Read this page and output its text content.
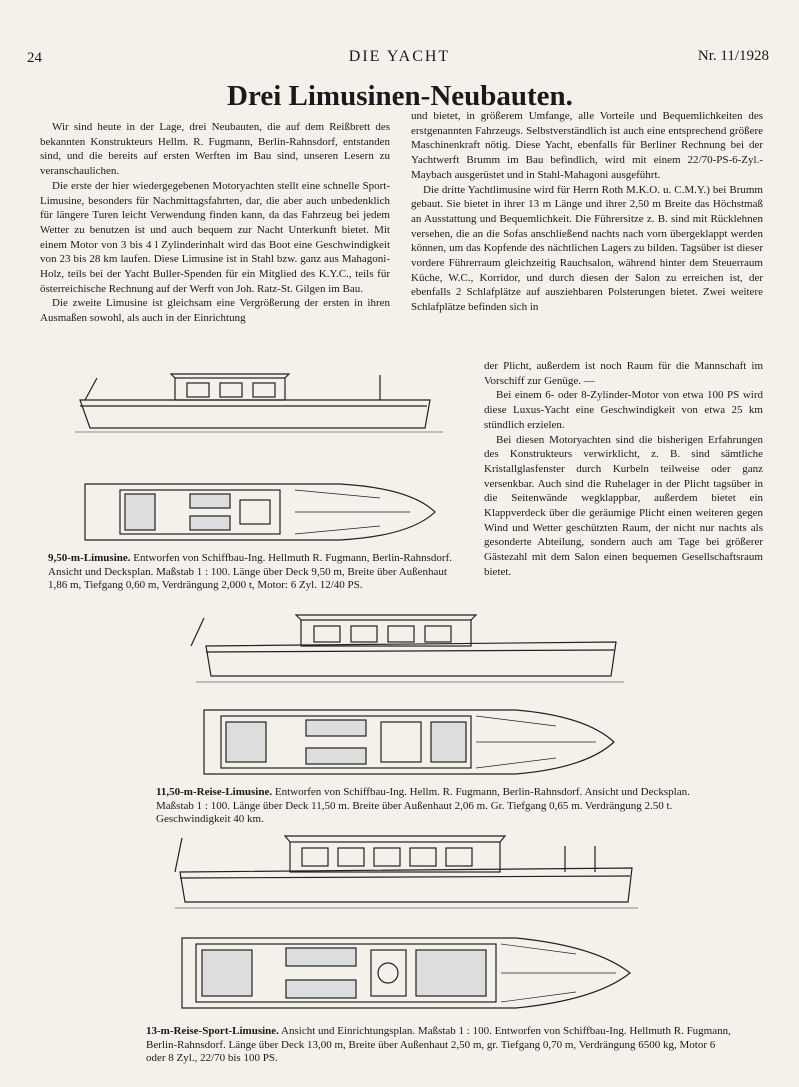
24	DIE YACHT	Nr. 11/1928
Drei Limusinen-Neubauten.

Wir sind heute in der Lage, drei Neubauten, die auf dem Reißbrett des bekannten Konstrukteurs Hellm. R. Fugmann, Berlin-Rahnsdorf, entstanden sind, und die bereits auf ersten Werften im Bau sind, unseren Lesern zu veranschaulichen.

Die erste der hier wiedergegebenen Motoryachten stellt eine schnelle Sport-Limusine, besonders für Nachmittagsfahrten, dar, die aber auch unbedenklich für längere Turen leicht Verwendung finden kann, da das Fahrzeug bei jedem Wetter zu benutzen ist und auch bequem zur Nacht Unterkunft bietet. Mit einem Motor von 3 bis 4 l Zylinderinhalt wird das Boot eine Geschwindigkeit von 23 bis 28 km laufen. Diese Limusine ist in Stahl bzw. ganz aus Mahagoni-Holz, teils bei der Yacht Buller-Spenden für ein Mitglied des K.Y.C., teils für österreichische Rechnung auf der Werft von Joh. Ratz-St. Gilgen im Bau.

Die zweite Limusine ist gleichsam eine Vergrößerung der ersten in ihren Ausmaßen sowohl, als auch in der Einrichtung

und bietet, in größerem Umfange, alle Vorteile und Bequemlichkeiten des erstgenannten Fahrzeugs. Selbstverständlich ist auch eine entsprechend größere Maschinenkraft nötig. Diese Yacht, ebenfalls für Berliner Rechnung bei der Yachtwerft Brumm im Bau befindlich, wird mit einem 22/70-PS-6-Zyl.-Maybach ausgerüstet und in Stahl-Mahagoni ausgeführt.

Die dritte Yachtlimusine wird für Herrn Roth M.K.O. u. C.M.Y.) bei Brumm gebaut. Sie bietet in ihrer 13 m Länge und ihrer 2,50 m Breite das Höchstmaß an Ausstattung und Bequemlichkeit. Die Führersitze z. B. sind mit Rücklehnen versehen, die an die Sofas anschließend nachts nach vorn übergeklappt werden können, um das Kopfende des nächtlichen Lagers zu bilden. Tagsüber ist dieser vordere Führerraum gleichzeitig Rauchsalon, während hinter dem Steuerraum Küche, W.C., Korridor, und durch diesen der Salon zu erreichen ist, der ebenfalls 2 Schlafplätze auf ausziehbaren Polsterungen bietet. Zwei weitere Schlafplätze befinden sich in

der Plicht, außerdem ist noch Raum für die Mannschaft im Vorschiff zur Genüge. —

Bei einem 6- oder 8-Zylinder-Motor von etwa 100 PS wird diese Luxus-Yacht eine Geschwindigkeit von etwa 25 km stündlich erzielen.

Bei diesen Motoryachten sind die bisherigen Erfahrungen des Konstrukteurs verwirklicht, z. B. sind sämtliche Kristallglasfenster durch Kurbeln teilweise oder ganz versenkbar. Auch sind die Ruhelager in der Plicht tagsüber in die Seitenwände wegklappbar, außerdem bietet ein Klappverdeck über die geräumige Plicht einen weiteren gegen Wind und Wetter geschützten Raum, der nicht nur nachts als gesonderte Abteilung, sondern auch am Tage bei größerer Gästezahl mit dem Salon einen bequemen Gesellschaftsraum bietet.

9,50-m-Limusine. Entworfen von Schiffbau-Ing. Hellmuth R. Fugmann, Berlin-Rahnsdorf. Ansicht und Decksplan. Maßstab 1 : 100. Länge über Deck 9,50 m, Breite über Außenhaut 1,86 m, Tiefgang 0,60 m, Verdrängung 2,000 t, Motor: 6 Zyl. 12/40 PS.
11,50-m-Reise-Limusine. Entworfen von Schiffbau-Ing. Hellm. R. Fugmann, Berlin-Rahnsdorf. Ansicht und Decksplan. Maßstab 1 : 100. Länge über Deck 11,50 m. Breite über Außenhaut 2,06 m. Gr. Tiefgang 0,65 m. Verdrängung 2.50 t. Geschwindigkeit 40 km.
13-m-Reise-Sport-Limusine. Ansicht und Einrichtungsplan. Maßstab 1 : 100. Entworfen von Schiffbau-Ing. Hellmuth R. Fugmann, Berlin-Rahnsdorf. Länge über Deck 13,00 m, Breite über Außenhaut 2,50 m, gr. Tiefgang 0,70 m, Verdrängung 6500 kg, Motor 6 oder 8 Zyl., 22/70 bis 100 PS.
